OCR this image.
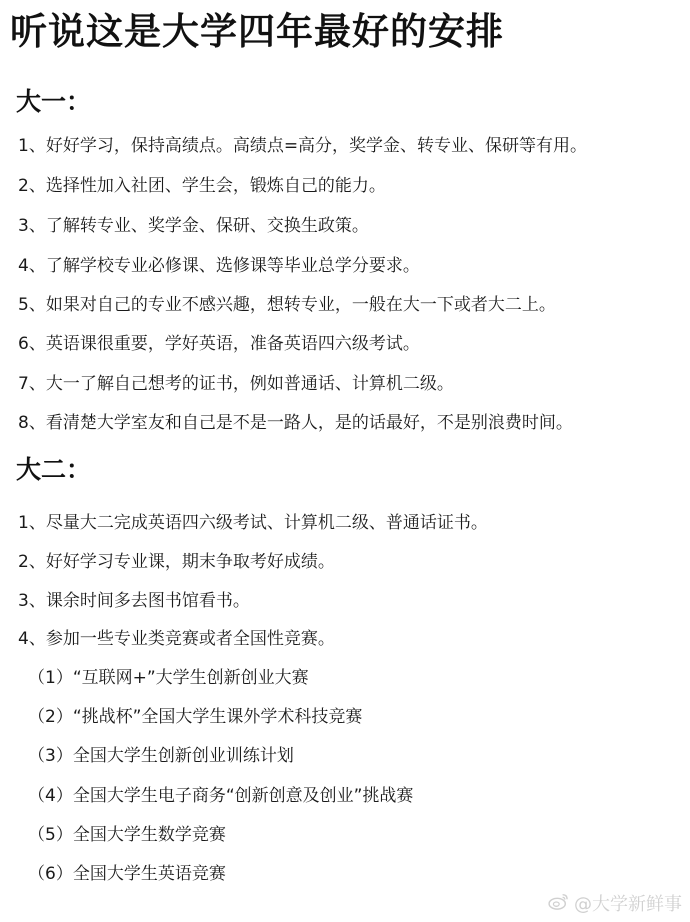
听说这是大学四年最好的安排
大一：
1、好好学习，保持高绩点。高绩点=高分，奖学金、转专业、保研等有用。
2、选择性加入社团、学生会，锻炼自己的能力。
3、了解转专业、奖学金、保研、交换生政策。
4、了解学校专业必修课、选修课等毕业总学分要求。
5、如果对自己的专业不感兴趣，想转专业，一般在大一下或者大二上。
6、英语课很重要，学好英语，准备英语四六级考试。
7、大一了解自己想考的证书，例如普通话、计算机二级。
8、看清楚大学室友和自己是不是一路人，是的话最好，不是别浪费时间。
大二：
1、尽量大二完成英语四六级考试、计算机二级、普通话证书。
2、好好学习专业课，期末争取考好成绩。
3、课余时间多去图书馆看书。
4、参加一些专业类竞赛或者全国性竞赛。
（1）“互联网+”大学生创新创业大赛
（2）“挑战杯”全国大学生课外学术科技竞赛
（3）全国大学生创新创业训练计划
（4）全国大学生电子商务“创新创意及创业”挑战赛
（5）全国大学生数学竞赛
（6）全国大学生英语竞赛
@大学新鲜事
